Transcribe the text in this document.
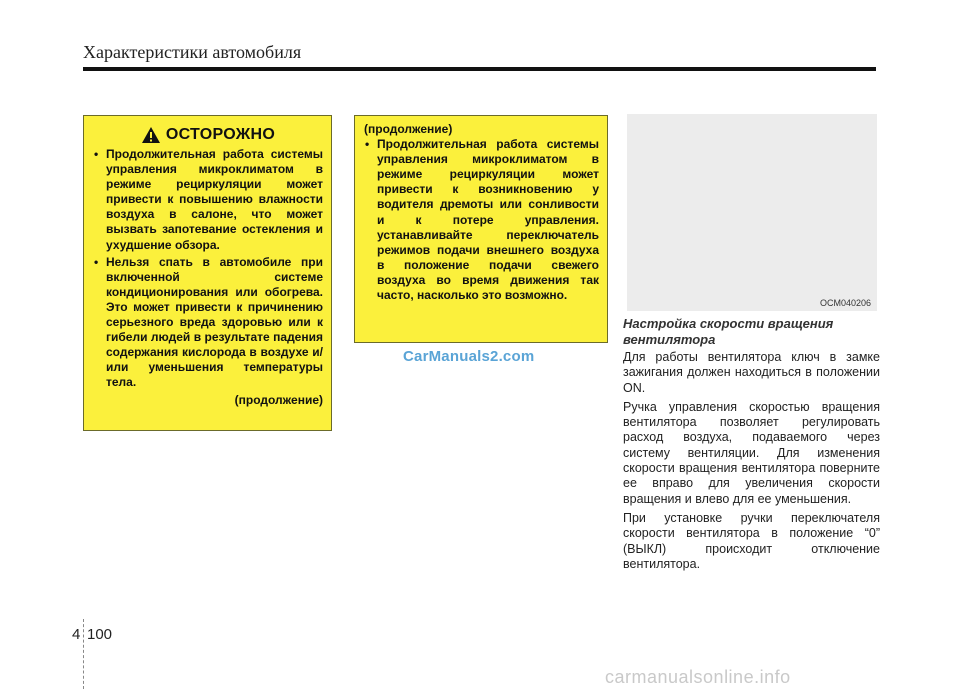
Характеристики автомобиля
ОСТОРОЖНО
• Продолжительная работа системы управления микроклиматом в режиме рециркуляции может привести к повышению влажности воздуха в салоне, что может вызвать запотевание остекления и ухудшение обзора.
• Нельзя спать в автомобиле при включенной системе кондиционирования или обогрева. Это может привести к причинению серьезного вреда здоровью или к гибели людей в результате падения содержания кислорода в воздухе и/или уменьшения температуры тела.
(продолжение)
(продолжение)
• Продолжительная работа системы управления микроклиматом в режиме рециркуляции может привести к возникновению у водителя дремоты или сонливости и к потере управления. устанавливайте переключатель режимов подачи внешнего воздуха в положение подачи свежего воздуха во время движения так часто, насколько это возможно.
CarManuals2.com
OCM040206
Настройка скорости вращения вентилятора

Для работы вентилятора ключ в замке зажигания должен находиться в положении ON.

Ручка управления скоростью вращения вентилятора позволяет регулировать расход воздуха, подаваемого через систему вентиляции. Для изменения скорости вращения вентилятора поверните ее вправо для увеличения скорости вращения и влево для ее уменьшения.

При установке ручки переключателя скорости вентилятора в положение “0” (ВЫКЛ) происходит отключение вентилятора.

4 100
carmanualsonline.info
